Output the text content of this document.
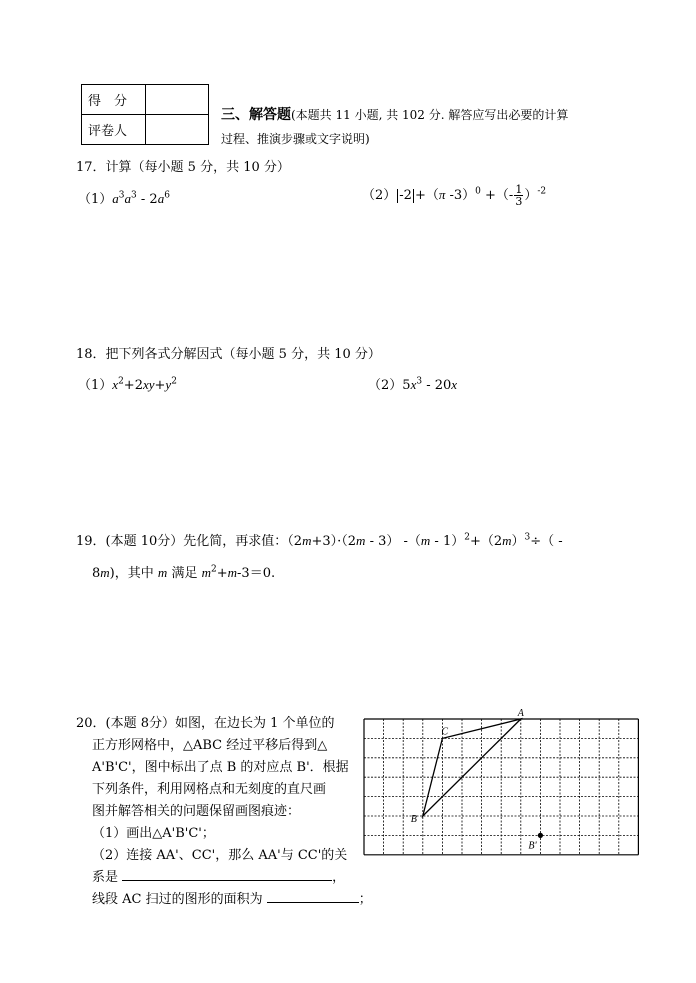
得　分	
评卷人	
三、解答题(本题共 11 小题, 共 102 分. 解答应写出必要的计算
过程、推演步骤或文字说明)
17．计算（每小题 5 分，共 10 分）
$(1)a^3a^3 - 2a^6$	（2） -2 +（π -3）$^0$ +（- $\frac{1}{3} )^{-2}$
18．把下列各式分解因式（每小题 5 分，共 10 分）
$(1)x^2+2xy+y^2$	$(2)5x^3 - 20x$
19．(本题 10分）先化简，再求值：（2m+3）·（2m - 3） $-(m - 1)^2+(2m)^3\div$（ -
8m)，其中 m 满足 $m^2+m-3=0$.
20．(本题 8分）如图，在边长为 1 个单位的
正方形网格中，△ABC 经过平移后得到△
A'B'C'，图中标出了点 B 的对应点 B'．根据
下列条件，利用网格点和无刻度的直尺画
图并解答相关的问题保留画图痕迹：
（1）画出△A'B'C'；
（2）连接 AA'、CC'，那么 AA'与 CC'的关
系是	，
线段 AC 扫过的图形的面积为	；
A
C
B
B'
